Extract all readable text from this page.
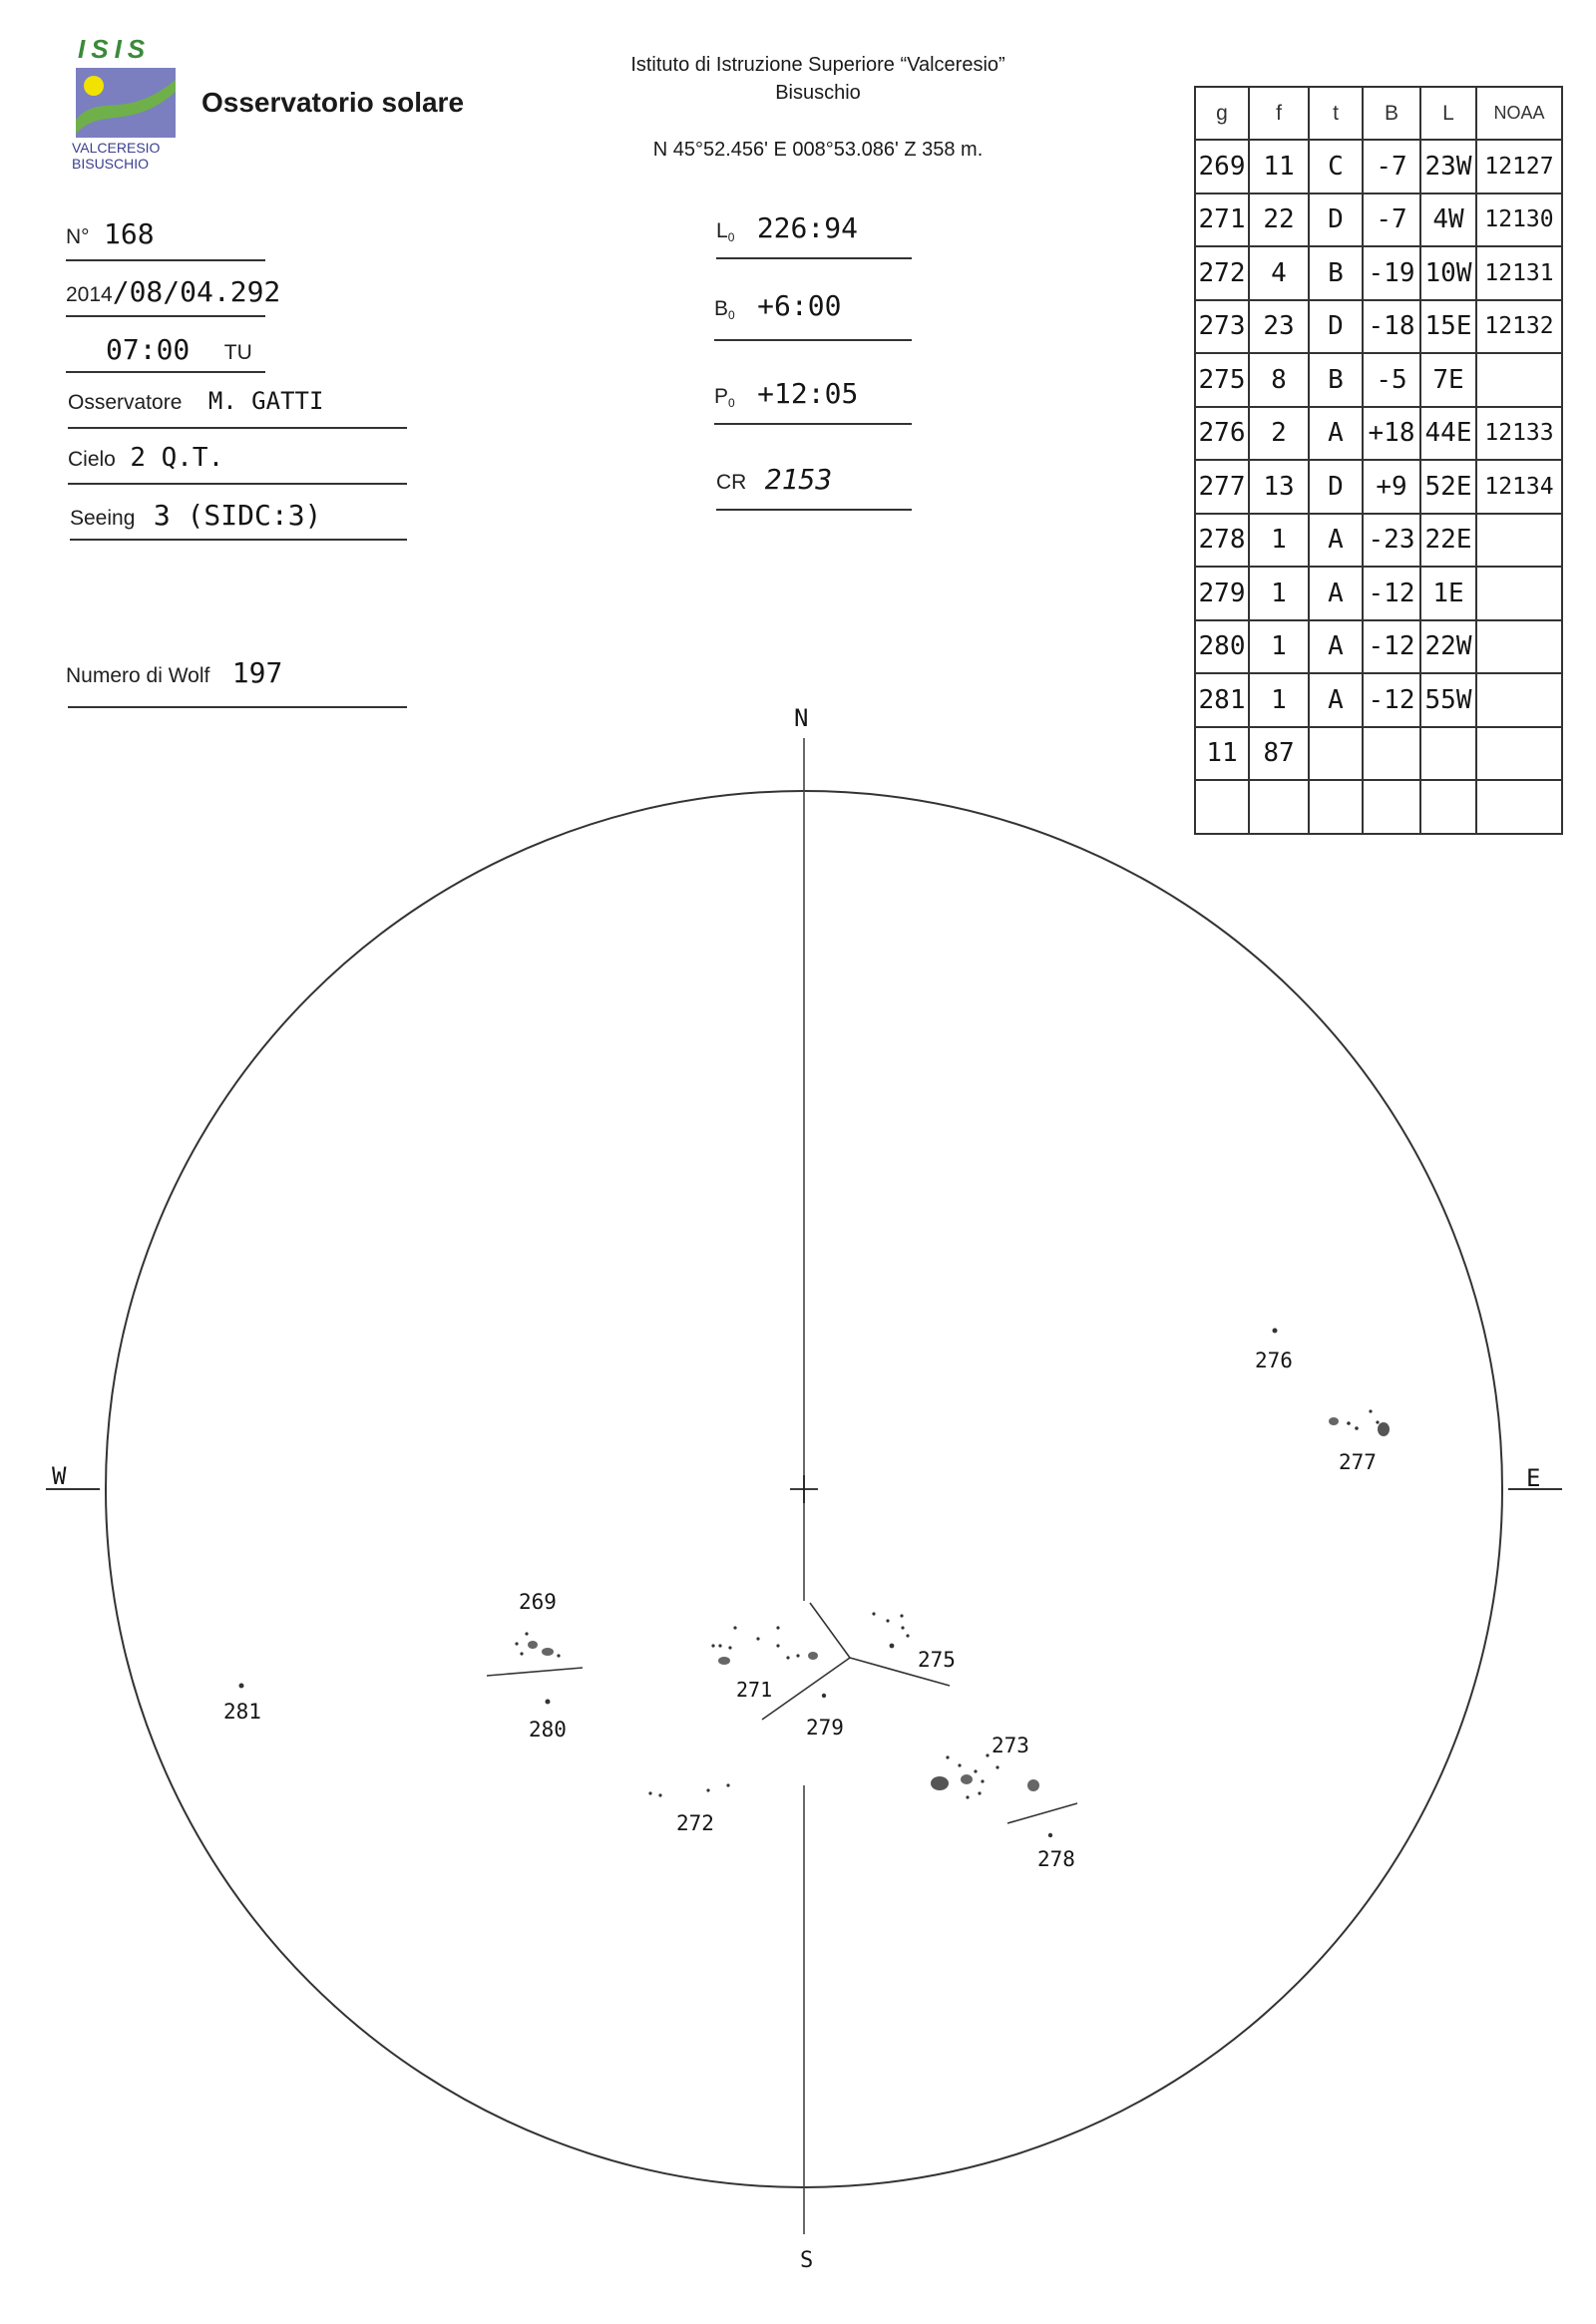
ISIS
VALCERESIO
BISUSCHIO
Osservatorio solare
Istituto di Istruzione Superiore “Valceresio”
Bisuschio
N 45°52.456' E 008°53.086' Z 358 m.
N° 168
2014/08/04.292
07:00 TU
Osservatore M. GATTI
Cielo 2 Q.T.
Seeing 3 (SIDC:3)
Numero di Wolf 197
$L_0$ 226:94
$B_0$ +6:00
$P_0$ +12:05
CR 2153
g	f	t	B	L	NOAA
269	11	C	-7	23W	12127
271	22	D	-7	4W	12130
272	4	B	-19	10W	12131
273	23	D	-18	15E	12132
275	8	B	-5	7E	
276	2	A	+18	44E	12133
277	13	D	+9	52E	12134
278	1	A	-23	22E	
279	1	A	-12	1E	
280	1	A	-12	22W	
281	1	A	-12	55W	
11	87				

N
S
W	E
276
277
269
281
280
271
279
275
272
273
278
